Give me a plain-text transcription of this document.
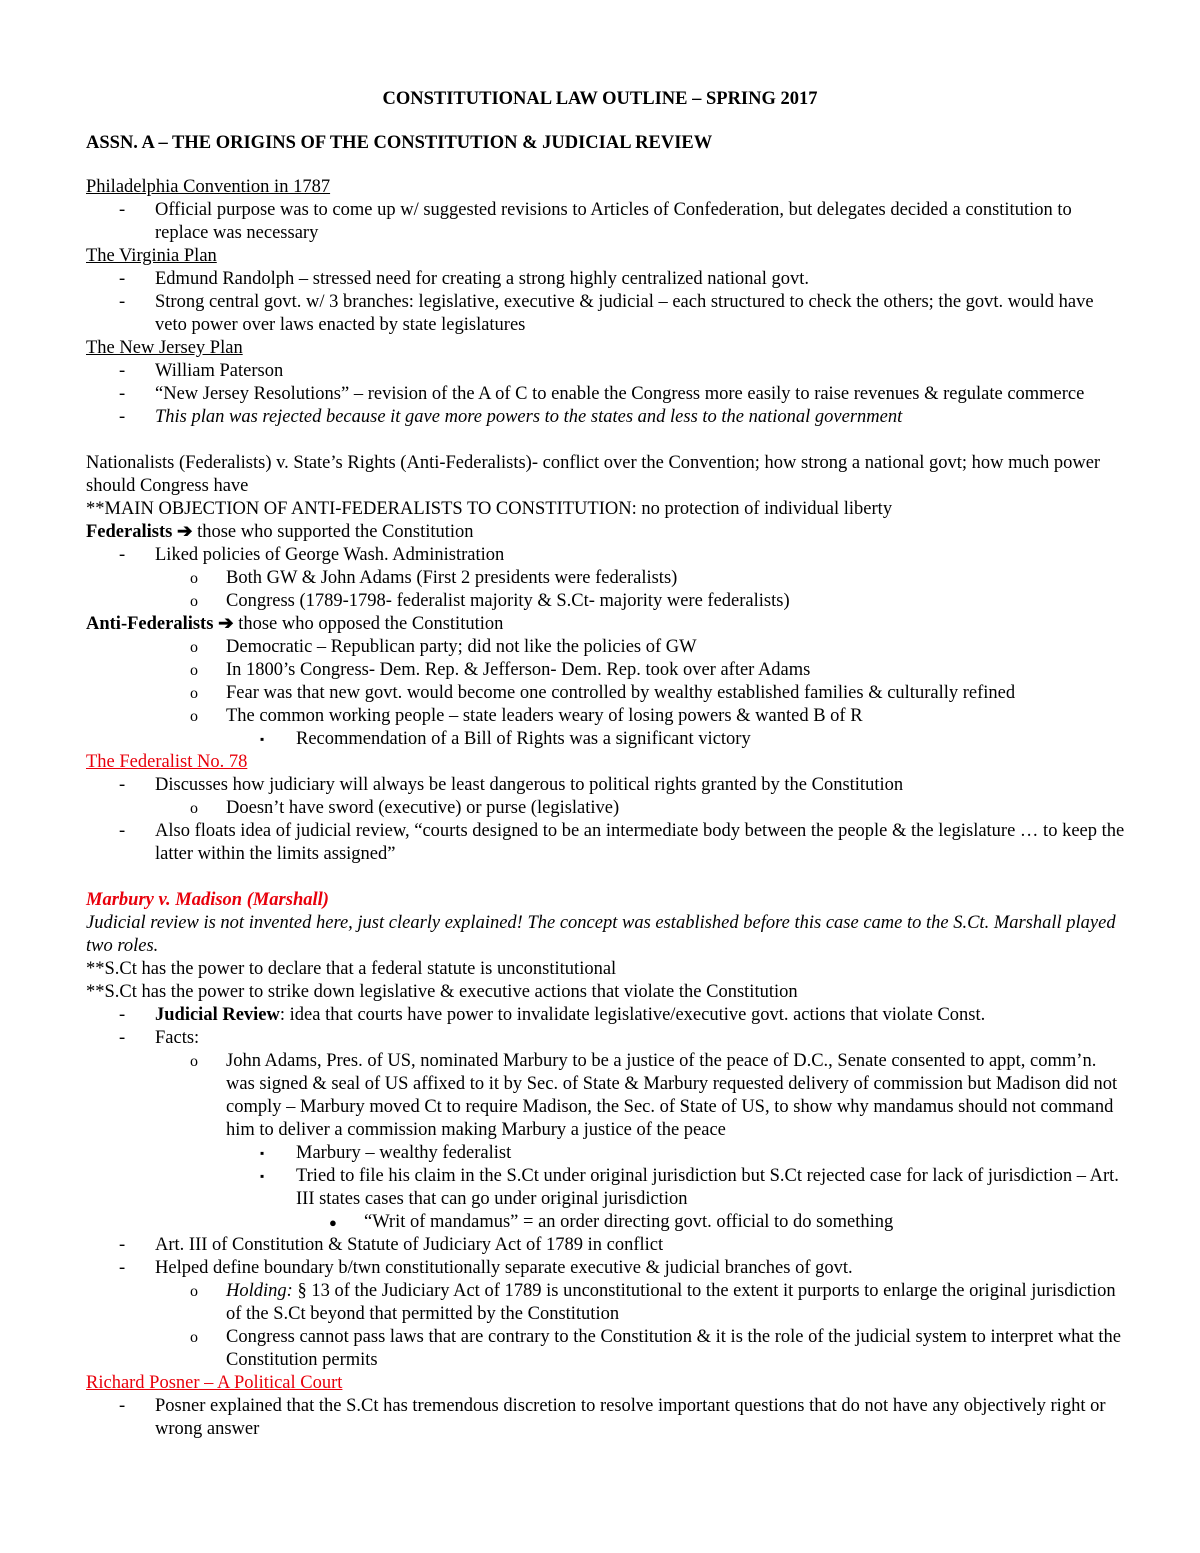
CONSTITUTIONAL LAW OUTLINE – SPRING 2017
ASSN. A – THE ORIGINS OF THE CONSTITUTION & JUDICIAL REVIEW
Philadelphia Convention in 1787
- Official purpose was to come up w/ suggested revisions to Articles of Confederation, but delegates decided a constitution to replace was necessary
The Virginia Plan
- Edmund Randolph – stressed need for creating a strong highly centralized national govt.
- Strong central govt. w/ 3 branches: legislative, executive & judicial – each structured to check the others; the govt. would have veto power over laws enacted by state legislatures
The New Jersey Plan
- William Paterson
- “New Jersey Resolutions” – revision of the A of C to enable the Congress more easily to raise revenues & regulate commerce
- This plan was rejected because it gave more powers to the states and less to the national government
Nationalists (Federalists) v. State’s Rights (Anti-Federalists)- conflict over the Convention; how strong a national govt; how much power should Congress have
**MAIN OBJECTION OF ANTI-FEDERALISTS TO CONSTITUTION: no protection of individual liberty
Federalists ➔ those who supported the Constitution
- Liked policies of George Wash. Administration
o Both GW & John Adams (First 2 presidents were federalists)
o Congress (1789-1798- federalist majority & S.Ct- majority were federalists)
Anti-Federalists ➔ those who opposed the Constitution
o Democratic – Republican party; did not like the policies of GW
o In 1800’s Congress- Dem. Rep. & Jefferson- Dem. Rep. took over after Adams
o Fear was that new govt. would become one controlled by wealthy established families & culturally refined
o The common working people – state leaders weary of losing powers & wanted B of R
▪ Recommendation of a Bill of Rights was a significant victory
The Federalist No. 78
- Discusses how judiciary will always be least dangerous to political rights granted by the Constitution
o Doesn’t have sword (executive) or purse (legislative)
- Also floats idea of judicial review, “courts designed to be an intermediate body between the people & the legislature … to keep the latter within the limits assigned”
Marbury v. Madison (Marshall)
Judicial review is not invented here, just clearly explained! The concept was established before this case came to the S.Ct. Marshall played two roles.
**S.Ct has the power to declare that a federal statute is unconstitutional
**S.Ct has the power to strike down legislative & executive actions that violate the Constitution
- Judicial Review: idea that courts have power to invalidate legislative/executive govt. actions that violate Const.
- Facts:
o John Adams, Pres. of US, nominated Marbury to be a justice of the peace of D.C., Senate consented to appt, comm’n. was signed & seal of US affixed to it by Sec. of State & Marbury requested delivery of commission but Madison did not comply – Marbury moved Ct to require Madison, the Sec. of State of US, to show why mandamus should not command him to deliver a commission making Marbury a justice of the peace
▪ Marbury – wealthy federalist
▪ Tried to file his claim in the S.Ct under original jurisdiction but S.Ct rejected case for lack of jurisdiction – Art. III states cases that can go under original jurisdiction
● “Writ of mandamus” = an order directing govt. official to do something
- Art. III of Constitution & Statute of Judiciary Act of 1789 in conflict
- Helped define boundary b/twn constitutionally separate executive & judicial branches of govt.
o Holding: § 13 of the Judiciary Act of 1789 is unconstitutional to the extent it purports to enlarge the original jurisdiction of the S.Ct beyond that permitted by the Constitution
o Congress cannot pass laws that are contrary to the Constitution & it is the role of the judicial system to interpret what the Constitution permits
Richard Posner – A Political Court
- Posner explained that the S.Ct has tremendous discretion to resolve important questions that do not have any objectively right or wrong answer
